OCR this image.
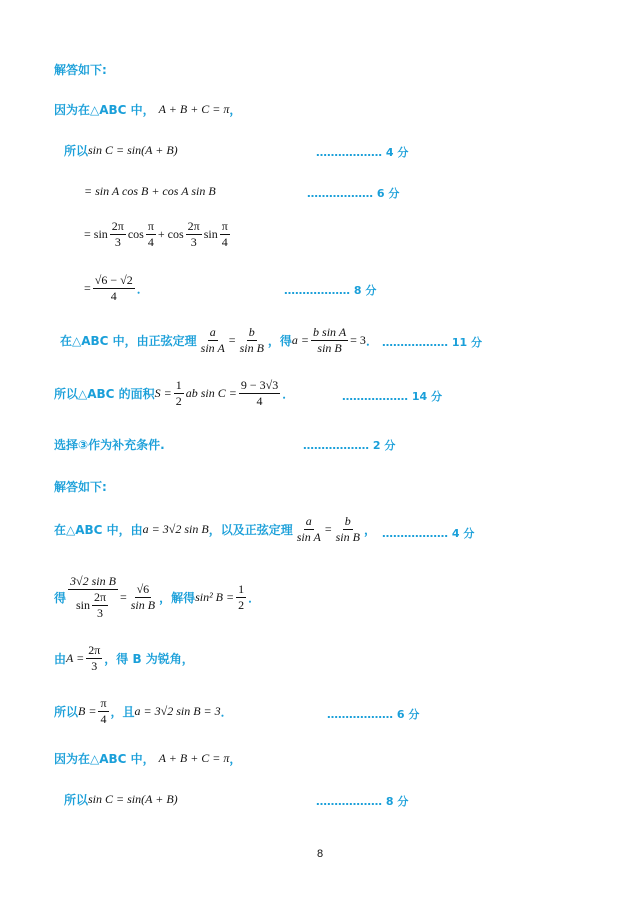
解答如下:
因为在△ABC 中， A + B + C = π ，
所以 sin C = sin(A + B)	……………… 4 分
= sin A cos B + cos A sin B	……………… 6 分
= $\sin \frac{2\pi}{3}$ $\cos \frac{\pi}{4} + \cos \frac{2\pi}{3}$ $\sin \frac{\pi}{4}$
= $\frac{√6 - √2}{4}$ ．	……………… 8 分
在△ABC 中，由正弦定理 $\frac{a}{\text{sin A}} = \frac{b}{\text{sin B}}$ ，得 $a = \frac{\text{b sin A}}{\text{sin B}} = 3$ ． ……………… 11 分
所以△ABC 的面积 $S = \frac{1}{2}$ ab $\sin C = \frac{9 - 3√3}{4}$ ．	……………… 14 分
选择③作为补充条件.	……………… 2 分
解答如下:
在△ABC 中，由 a = 3√2 sin B ，以及正弦定理 $\frac{a}{\text{sin A}} = \frac{b}{\text{sin B}}$ ， ……………… 4 分
得 $\frac{\text{3√2 sin B}}{\sin \frac{2\pi}{3}} = \frac{√6}{\text{sin B}}$ ，解得 sin² $B = \frac{1}{2}$ ．
由 $A = \frac{2\pi}{3}$ ，得 B 为锐角，
所以 $B = \frac{\pi}{4}$ ，且 a = 3√2 sin B = 3 ．	……………… 6 分
因为在△ABC 中， A + B + C = π ，
所以 sin C = sin(A + B)	……………… 8 分
8
